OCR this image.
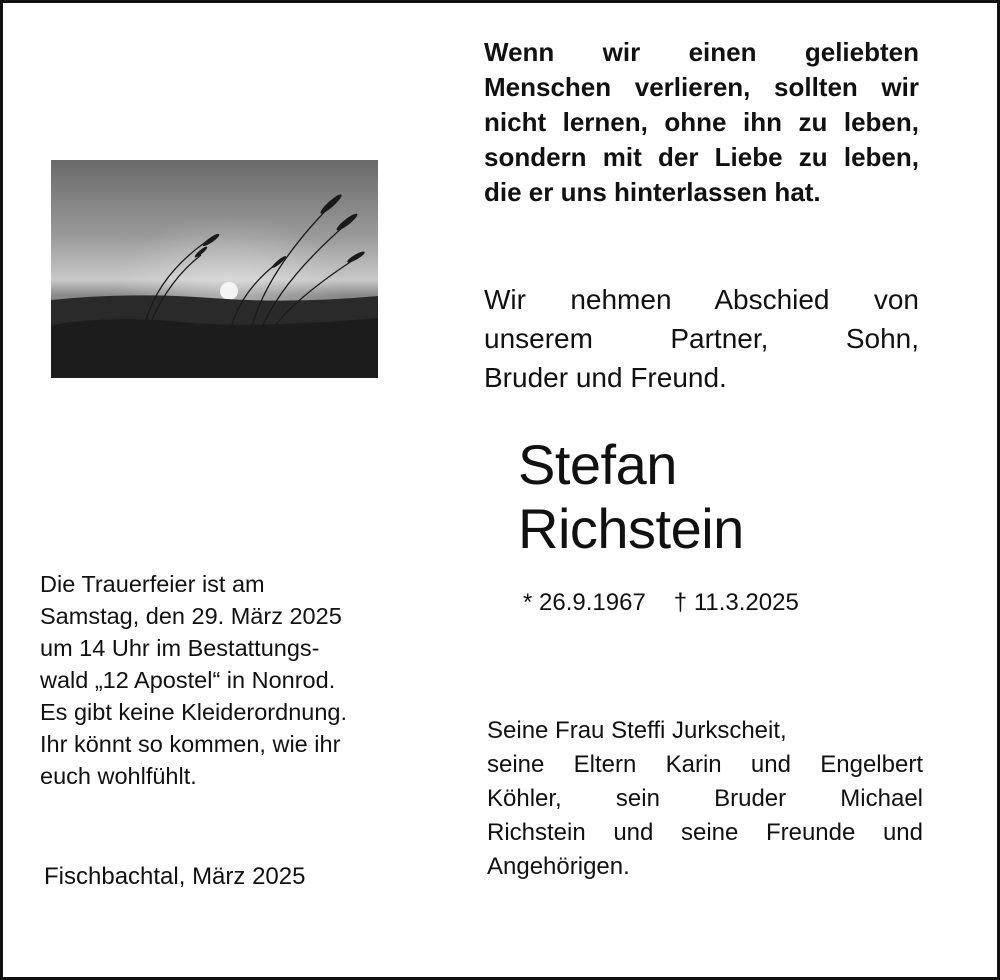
Wenn wir einen geliebten
Menschen verlieren, sollten wir
nicht lernen, ohne ihn zu leben,
sondern mit der Liebe zu leben,
die er uns hinterlassen hat.
Wir nehmen Abschied von
unserem Partner, Sohn,
Bruder und Freund.
Stefan
Richstein
* 26.9.1967 † 11.3.2025
Die Trauerfeier ist am
Samstag, den 29. März 2025
um 14 Uhr im Bestattungs-
wald „12 Apostel“ in Nonrod.
Es gibt keine Kleiderordnung.
Ihr könnt so kommen, wie ihr
euch wohlfühlt.
Fischbachtal, März 2025
Seine Frau Steffi Jurkscheit,
seine Eltern Karin und Engelbert
Köhler, sein Bruder Michael
Richstein und seine Freunde und
Angehörigen.
